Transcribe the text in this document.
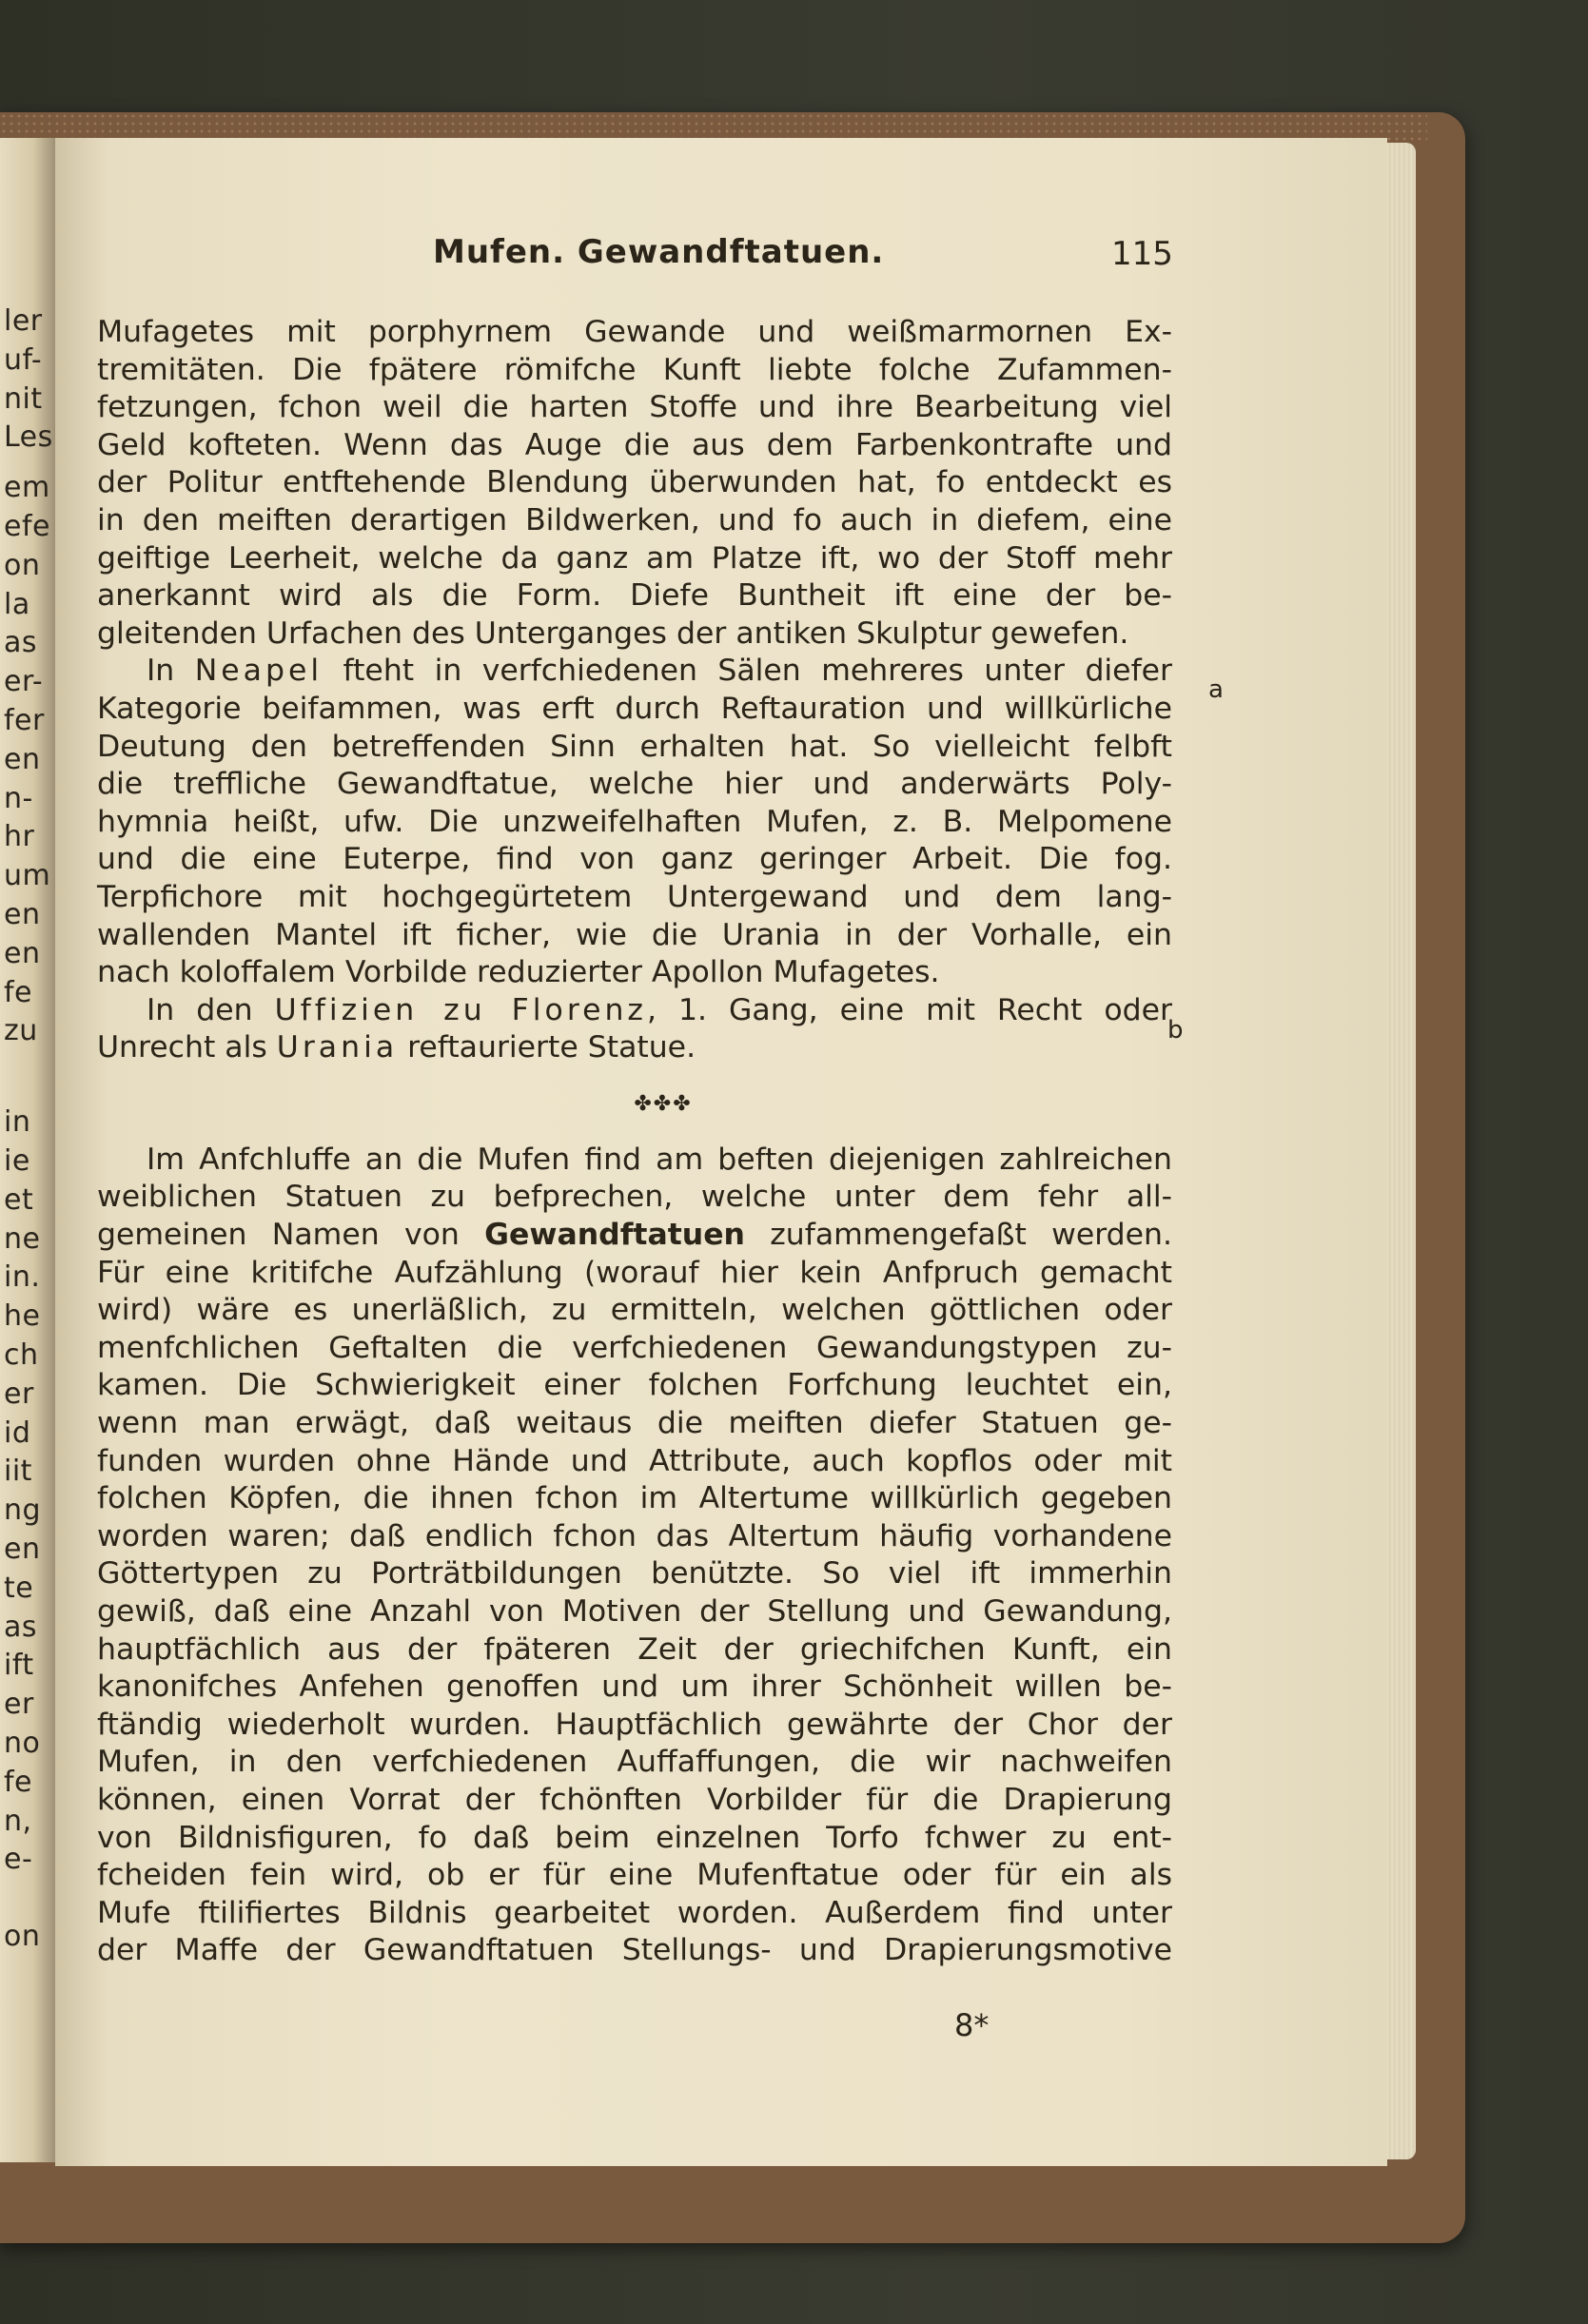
ler
uf-
nit
Les
em
efe
on
la
as
er-
fer
en
n-
hr
um
en
en
fe
zu
in
ie
et
ne
in.
he
ch
er
id
iit
ng
en
te
as
ift
er
no
fe
n,
e-
on
Mufen. Gewandftatuen.	115
Mufagetes mit porphyrnem Gewande und weißmarmornen Ex-
tremitäten. Die fpätere römifche Kunft liebte folche Zufammen-
fetzungen, fchon weil die harten Stoffe und ihre Bearbeitung viel
Geld kofteten. Wenn das Auge die aus dem Farbenkontrafte und
der Politur entftehende Blendung überwunden hat, fo entdeckt es
in den meiften derartigen Bildwerken, und fo auch in diefem, eine
geiftige Leerheit, welche da ganz am Platze ift, wo der Stoff mehr
anerkannt wird als die Form. Diefe Buntheit ift eine der be-
gleitenden Urfachen des Unterganges der antiken Skulptur gewefen.
In Neapel fteht in verfchiedenen Sälen mehreres unter diefer
Kategorie beifammen, was erft durch Reftauration und willkürliche
Deutung den betreffenden Sinn erhalten hat. So vielleicht felbft
die treffliche Gewandftatue, welche hier und anderwärts Poly-
hymnia heißt, ufw. Die unzweifelhaften Mufen, z. B. Melpomene
und die eine Euterpe, find von ganz geringer Arbeit. Die fog.
Terpfichore mit hochgegürtetem Untergewand und dem lang-
wallenden Mantel ift ficher, wie die Urania in der Vorhalle, ein
nach koloffalem Vorbilde reduzierter Apollon Mufagetes.
In den Uffizien zu Florenz, 1. Gang, eine mit Recht oder
Unrecht als Urania reftaurierte Statue.
✤✤✤
Im Anfchluffe an die Mufen find am beften diejenigen zahlreichen
weiblichen Statuen zu befprechen, welche unter dem fehr all-
gemeinen Namen von Gewandftatuen zufammengefaßt werden.
Für eine kritifche Aufzählung (worauf hier kein Anfpruch gemacht
wird) wäre es unerläßlich, zu ermitteln, welchen göttlichen oder
menfchlichen Geftalten die verfchiedenen Gewandungstypen zu-
kamen. Die Schwierigkeit einer folchen Forfchung leuchtet ein,
wenn man erwägt, daß weitaus die meiften diefer Statuen ge-
funden wurden ohne Hände und Attribute, auch kopflos oder mit
folchen Köpfen, die ihnen fchon im Altertume willkürlich gegeben
worden waren; daß endlich fchon das Altertum häufig vorhandene
Göttertypen zu Porträtbildungen benützte. So viel ift immerhin
gewiß, daß eine Anzahl von Motiven der Stellung und Gewandung,
hauptfächlich aus der fpäteren Zeit der griechifchen Kunft, ein
kanonifches Anfehen genoffen und um ihrer Schönheit willen be-
ftändig wiederholt wurden. Hauptfächlich gewährte der Chor der
Mufen, in den verfchiedenen Auffaffungen, die wir nachweifen
können, einen Vorrat der fchönften Vorbilder für die Drapierung
von Bildnisfiguren, fo daß beim einzelnen Torfo fchwer zu ent-
fcheiden fein wird, ob er für eine Mufenftatue oder für ein als
Mufe ftilifiertes Bildnis gearbeitet worden. Außerdem find unter
der Maffe der Gewandftatuen Stellungs- und Drapierungsmotive
a
b
8*
